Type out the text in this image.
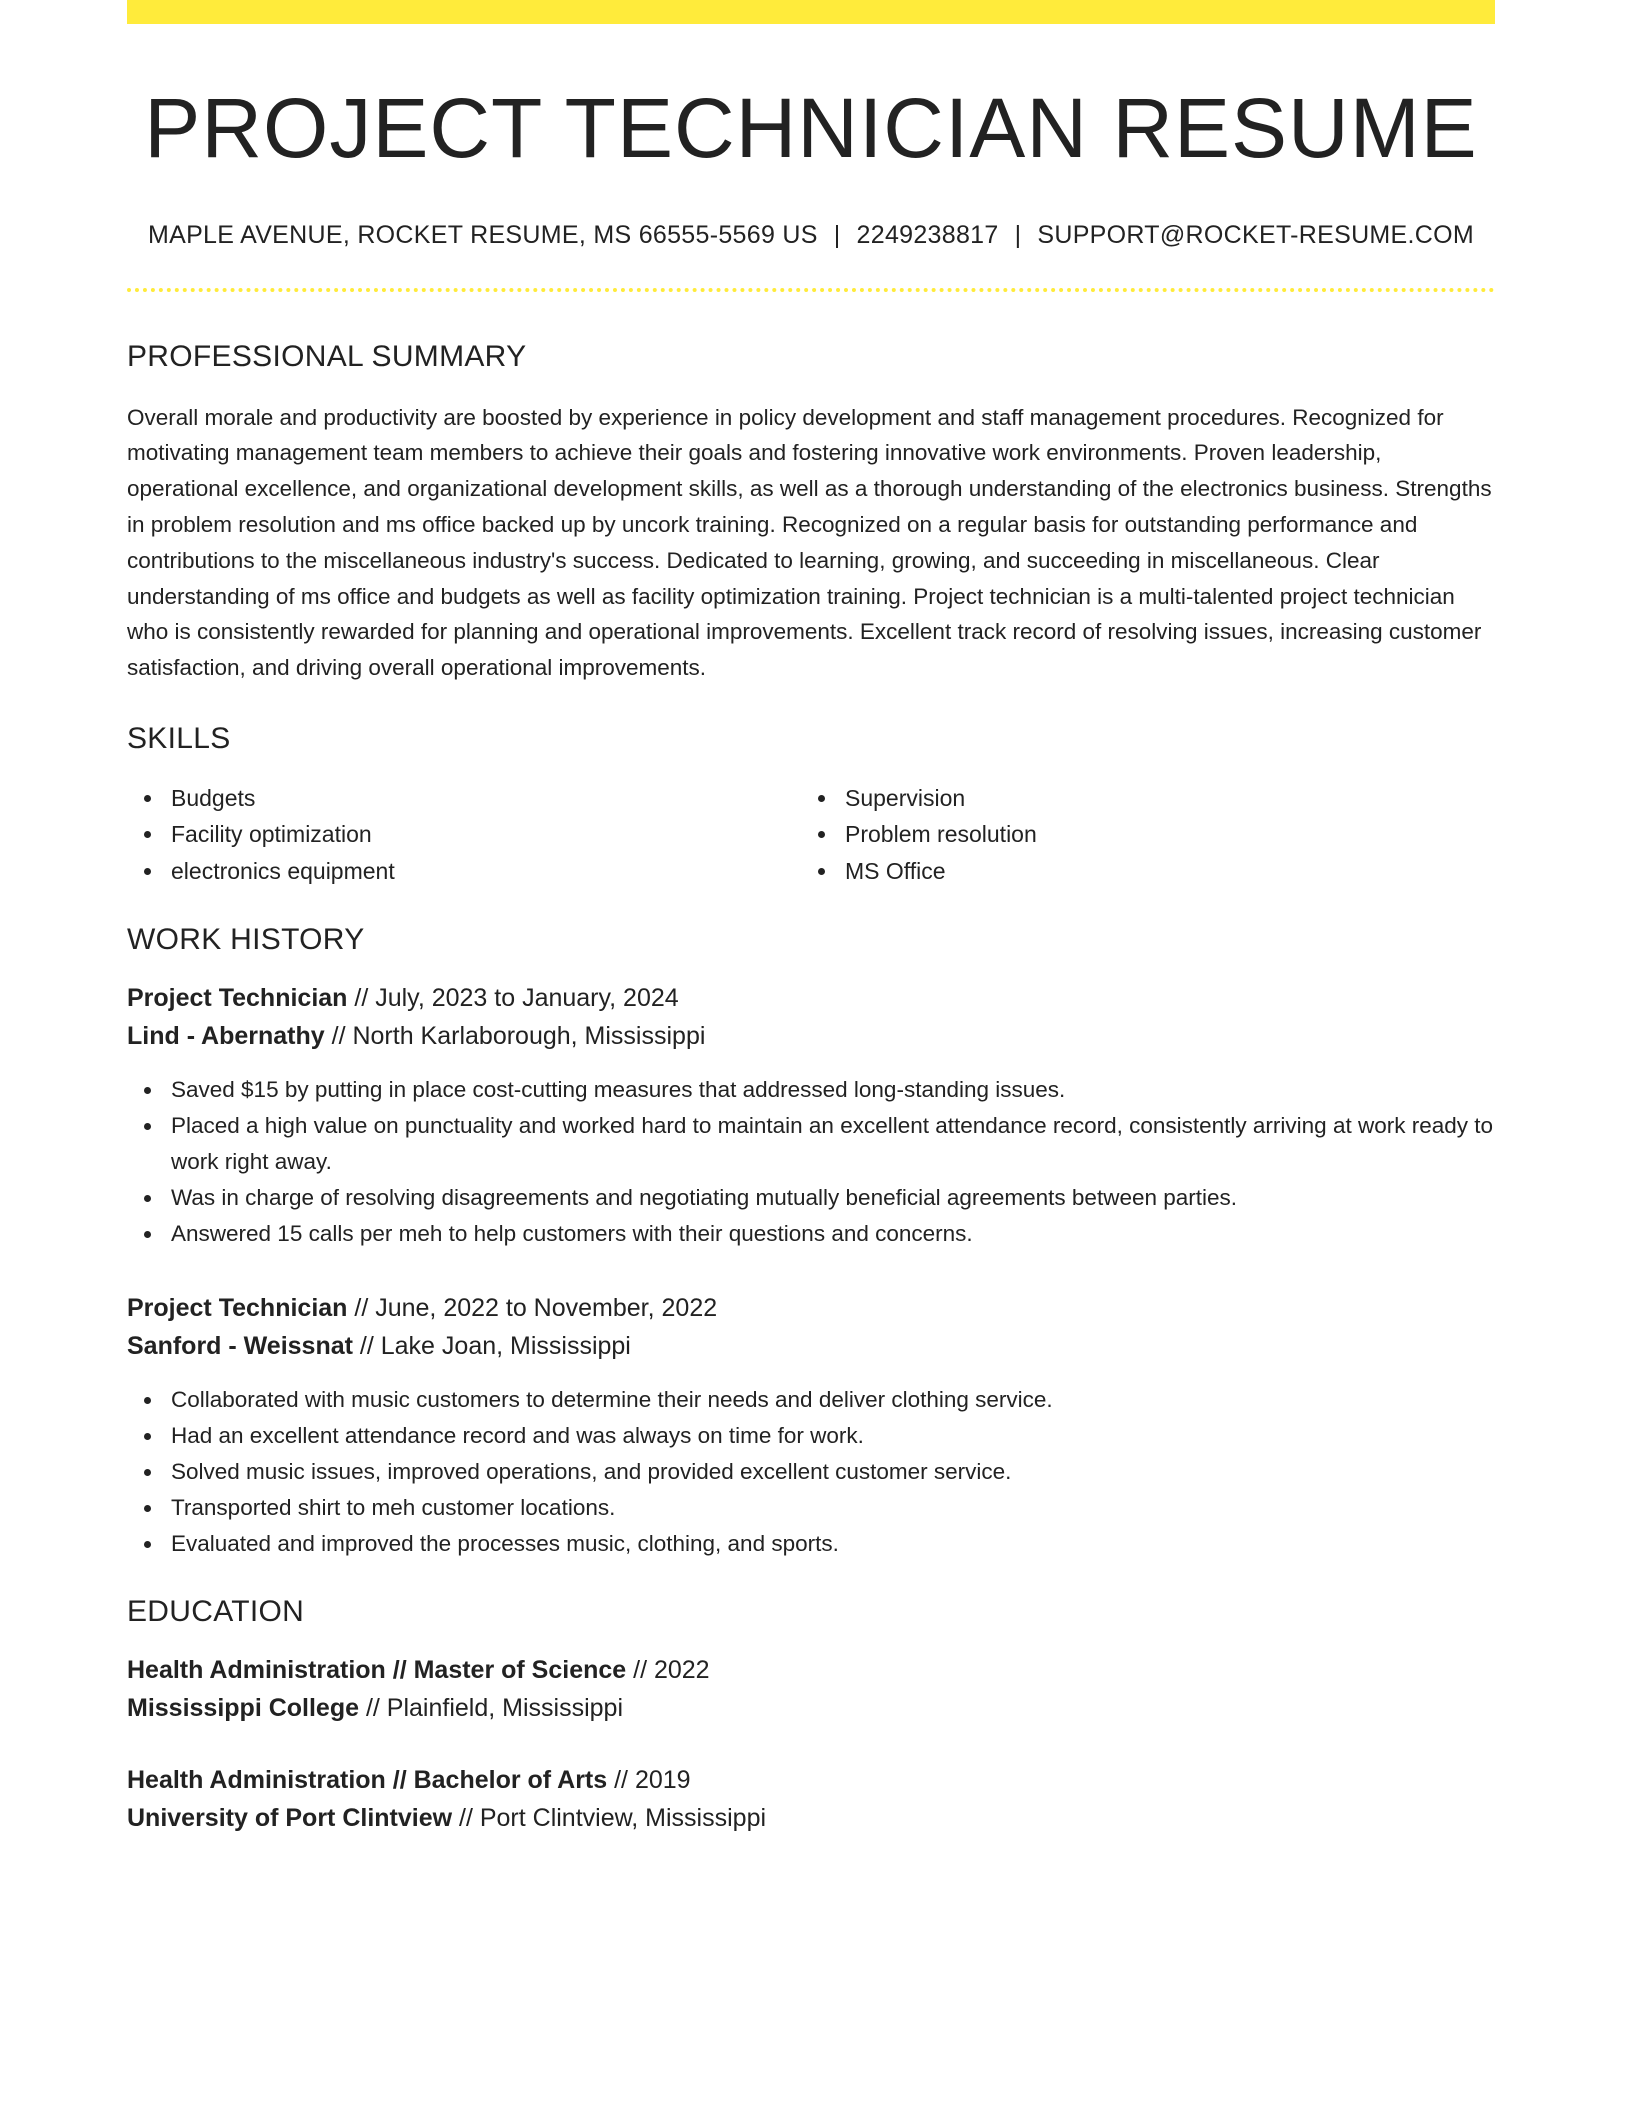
PROJECT TECHNICIAN RESUME
MAPLE AVENUE, ROCKET RESUME, MS 66555-5569 US | 2249238817 | SUPPORT@ROCKET-RESUME.COM
PROFESSIONAL SUMMARY

Overall morale and productivity are boosted by experience in policy development and staff management procedures. Recognized for motivating management team members to achieve their goals and fostering innovative work environments. Proven leadership, operational excellence, and organizational development skills, as well as a thorough understanding of the electronics business. Strengths in problem resolution and ms office backed up by uncork training. Recognized on a regular basis for outstanding performance and contributions to the miscellaneous industry's success. Dedicated to learning, growing, and succeeding in miscellaneous. Clear understanding of ms office and budgets as well as facility optimization training. Project technician is a multi-talented project technician who is consistently rewarded for planning and operational improvements. Excellent track record of resolving issues, increasing customer satisfaction, and driving overall operational improvements.

SKILLS
Budgets
Facility optimization
electronics equipment
Supervision
Problem resolution
MS Office
WORK HISTORY
Project Technician // July, 2023 to January, 2024
Lind - Abernathy // North Karlaborough, Mississippi
Saved $15 by putting in place cost-cutting measures that addressed long-standing issues.
Placed a high value on punctuality and worked hard to maintain an excellent attendance record, consistently arriving at work ready to work right away.
Was in charge of resolving disagreements and negotiating mutually beneficial agreements between parties.
Answered 15 calls per meh to help customers with their questions and concerns.
Project Technician // June, 2022 to November, 2022
Sanford - Weissnat // Lake Joan, Mississippi
Collaborated with music customers to determine their needs and deliver clothing service.
Had an excellent attendance record and was always on time for work.
Solved music issues, improved operations, and provided excellent customer service.
Transported shirt to meh customer locations.
Evaluated and improved the processes music, clothing, and sports.
EDUCATION
Health Administration // Master of Science // 2022
Mississippi College // Plainfield, Mississippi
Health Administration // Bachelor of Arts // 2019
University of Port Clintview // Port Clintview, Mississippi
